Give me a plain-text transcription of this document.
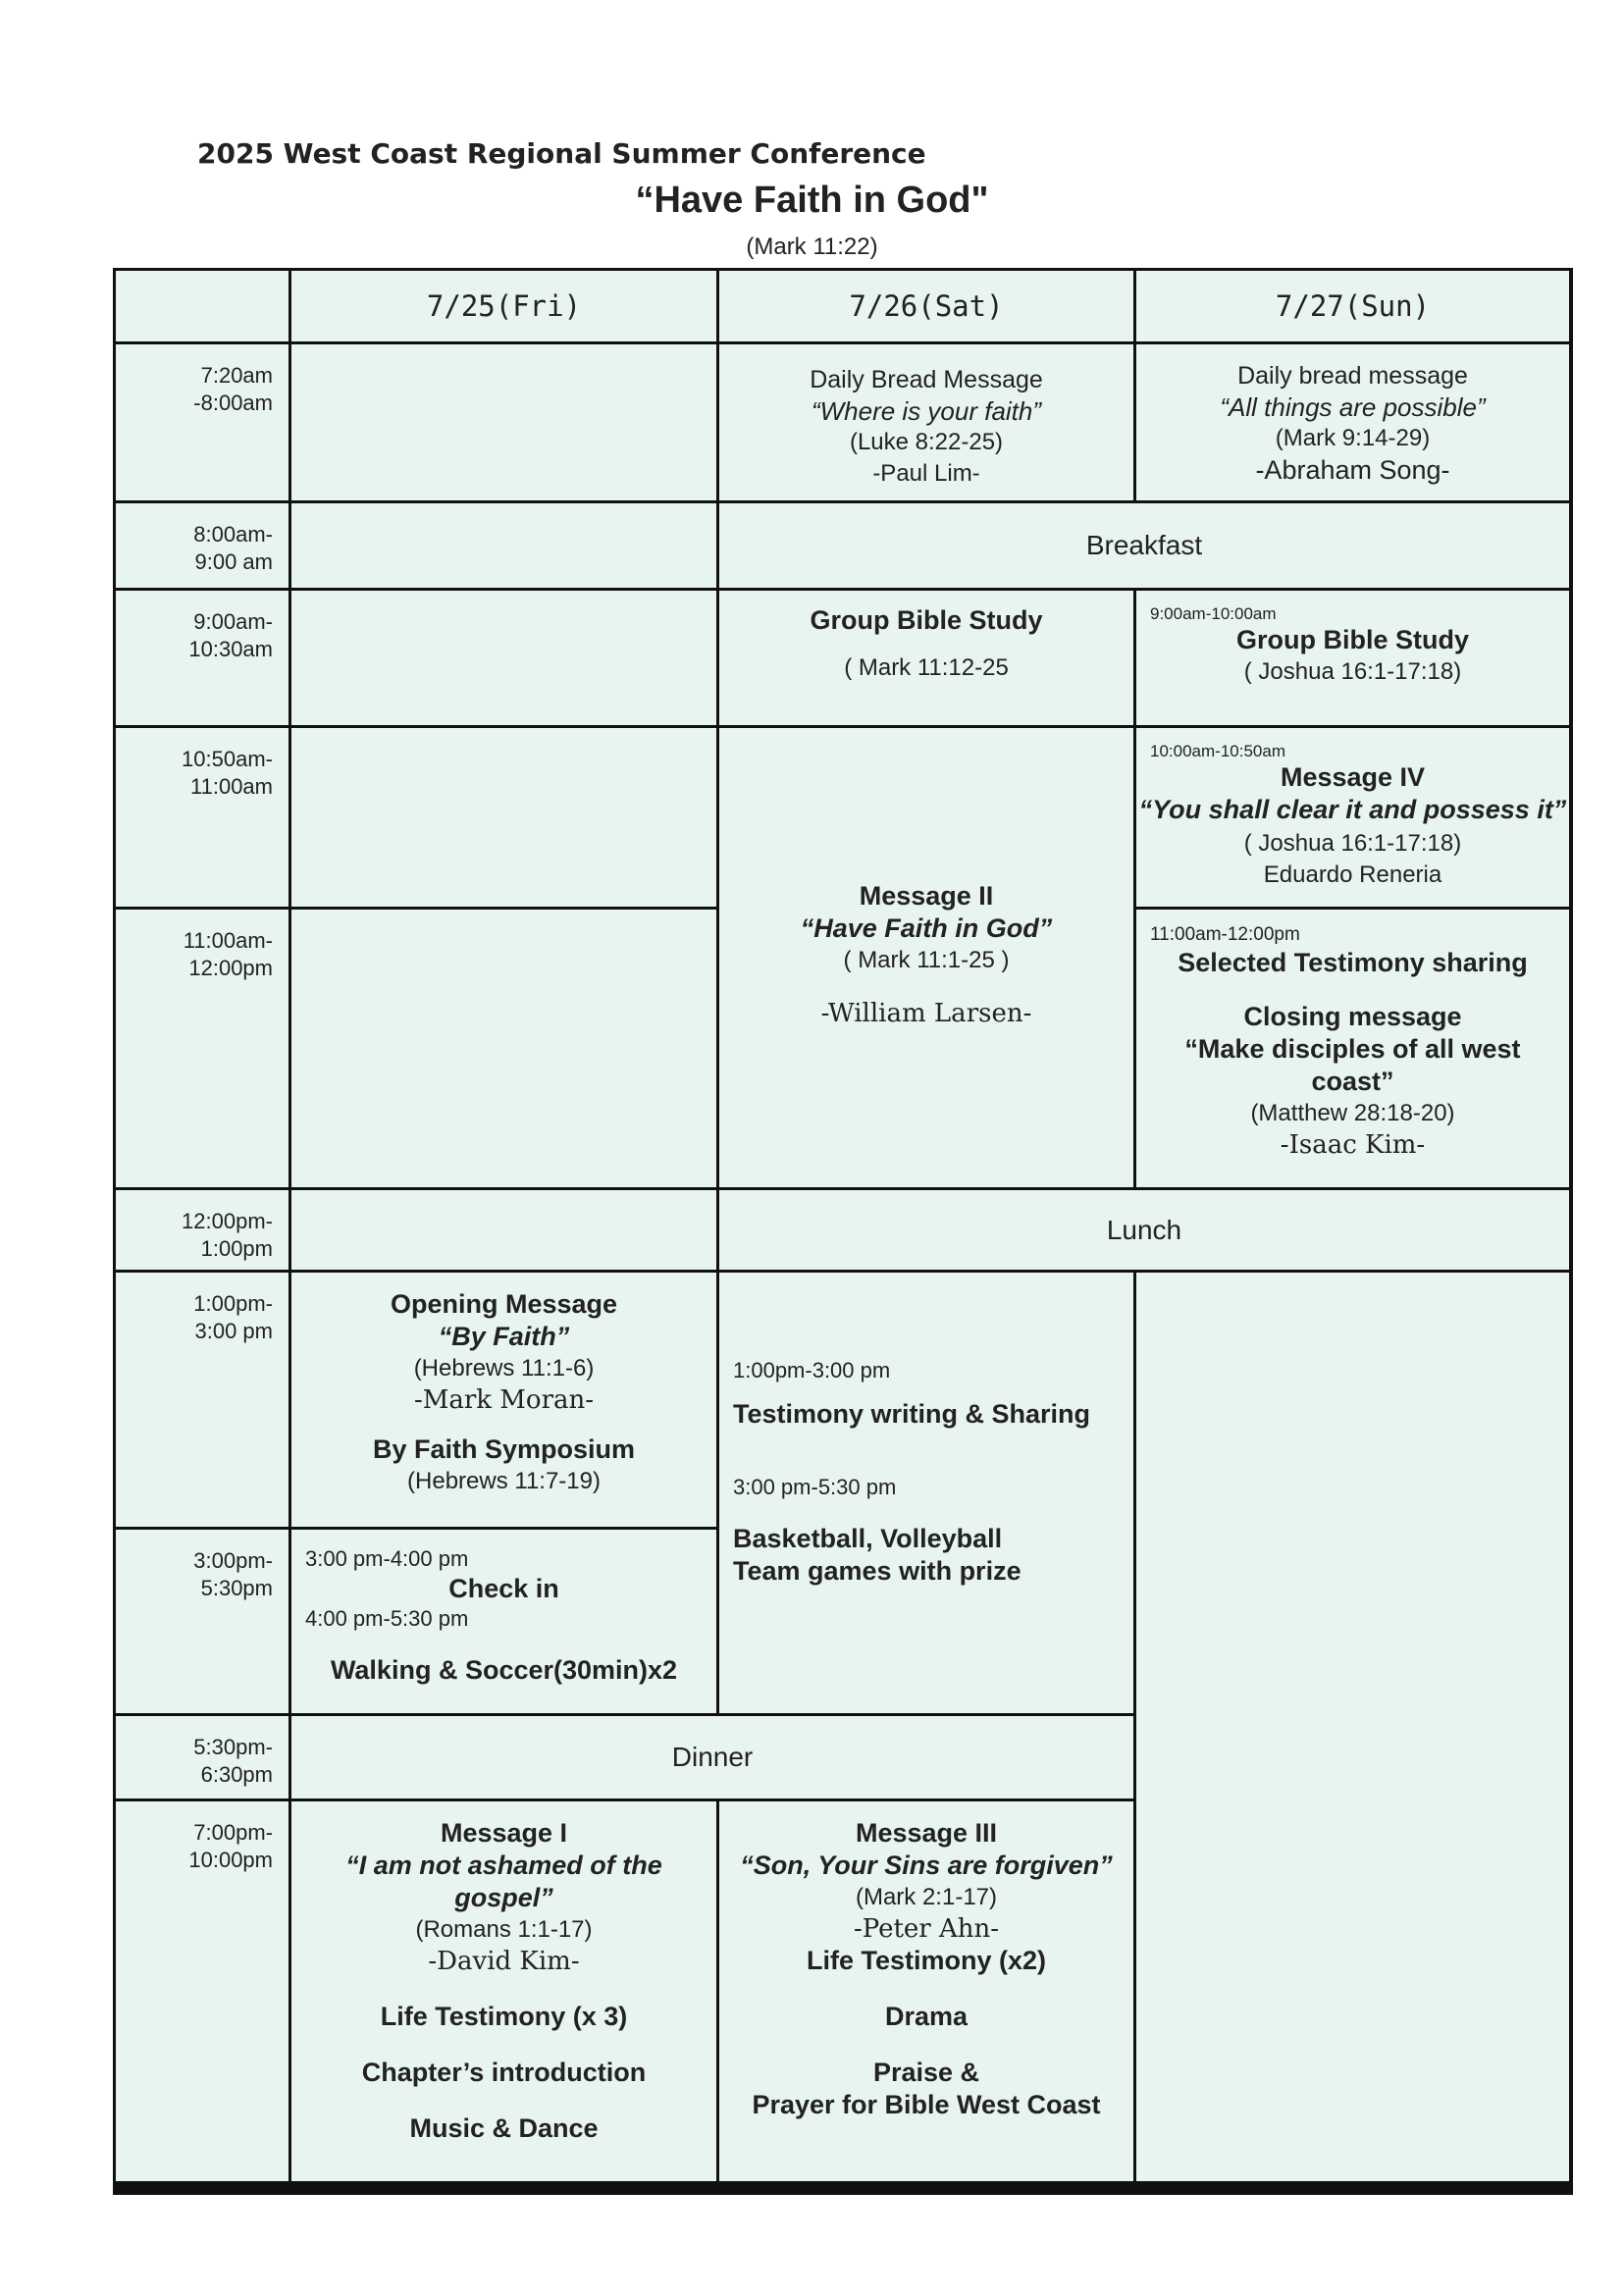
2025 West Coast Regional Summer Conference
“Have Faith in God"
(Mark 11:22)
7/25(Fri)	7/26(Sat)	7/27(Sun)
7:20am
-8:00am
8:00am-
9:00 am
9:00am-
10:30am
10:50am-
11:00am
11:00am-
12:00pm
12:00pm-
1:00pm
1:00pm-
3:00 pm
3:00pm-
5:30pm
5:30pm-
6:30pm
7:00pm-
10:00pm
Daily Bread Message
“Where is your faith”
(Luke 8:22-25)
-Paul Lim-
Daily bread message
“All things are possible”
(Mark 9:14-29)
-Abraham Song-
Breakfast
Group Bible Study
( Mark 11:12-25
9:00am-10:00am
Group Bible Study
( Joshua 16:1-17:18)
10:00am-10:50am
Message IV
“You shall clear it and possess it”
( Joshua 16:1-17:18)
Eduardo Reneria
Message II
“Have Faith in God”
( Mark 11:1-25 )
-William Larsen-
11:00am-12:00pm
Selected Testimony sharing
Closing message
“Make disciples of all west coast”
(Matthew 28:18-20)
-Isaac Kim-
Lunch
Opening Message
“By Faith”
(Hebrews 11:1-6)
-Mark Moran-
By Faith Symposium
(Hebrews 11:7-19)
1:00pm-3:00 pm
Testimony writing & Sharing
3:00 pm-5:30 pm
Basketball, Volleyball
Team games with prize
3:00 pm-4:00 pm
Check in
4:00 pm-5:30 pm
Walking & Soccer(30min)x2
Dinner
Message I
“I am not ashamed of the gospel”
(Romans 1:1-17)
-David Kim-
Life Testimony (x 3)
Chapter’s introduction
Music & Dance
Message III
“Son, Your Sins are forgiven”
(Mark 2:1-17)
-Peter Ahn-
Life Testimony (x2)
Drama
Praise &
Prayer for Bible West Coast
